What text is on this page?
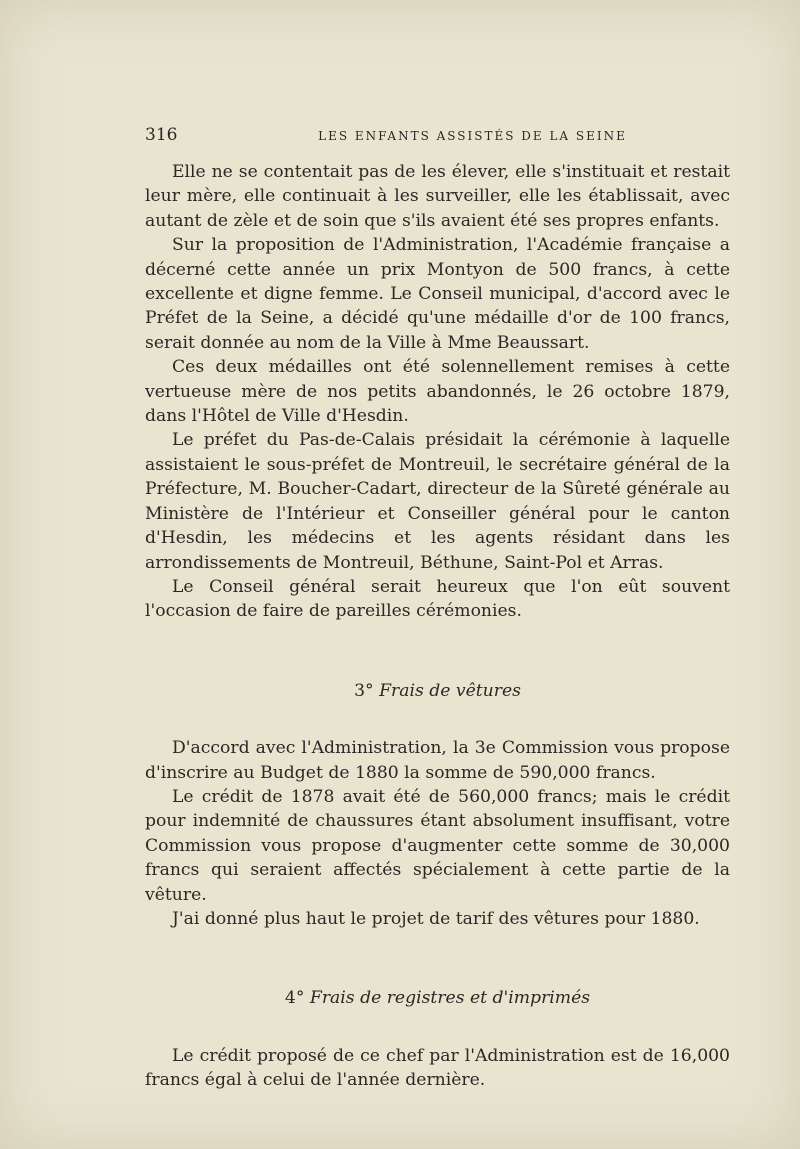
316	LES ENFANTS ASSISTÉS DE LA SEINE

Elle ne se contentait pas de les élever, elle s'instituait et restait leur mère, elle continuait à les surveiller, elle les établissait, avec autant de zèle et de soin que s'ils avaient été ses propres enfants.

Sur la proposition de l'Administration, l'Académie française a décerné cette année un prix Montyon de 500 francs, à cette excellente et digne femme. Le Conseil municipal, d'accord avec le Préfet de la Seine, a décidé qu'une médaille d'or de 100 francs, serait donnée au nom de la Ville à Mme Beaussart.

Ces deux médailles ont été solennellement remises à cette vertueuse mère de nos petits abandonnés, le 26 octobre 1879, dans l'Hôtel de Ville d'Hesdin.

Le préfet du Pas-de-Calais présidait la cérémonie à laquelle assistaient le sous-préfet de Montreuil, le secrétaire général de la Préfecture, M. Boucher-Cadart, directeur de la Sûreté générale au Ministère de l'Intérieur et Conseiller général pour le canton d'Hesdin, les médecins et les agents résidant dans les arrondissements de Montreuil, Béthune, Saint-Pol et Arras.

Le Conseil général serait heureux que l'on eût souvent l'occasion de faire de pareilles cérémonies.

3° Frais de vêtures

D'accord avec l'Administration, la 3e Commission vous propose d'inscrire au Budget de 1880 la somme de 590,000 francs.

Le crédit de 1878 avait été de 560,000 francs; mais le crédit pour indemnité de chaussures étant absolument insuffisant, votre Commission vous propose d'augmenter cette somme de 30,000 francs qui seraient affectés spécialement à cette partie de la vêture.

J'ai donné plus haut le projet de tarif des vêtures pour 1880.

4° Frais de registres et d'imprimés

Le crédit proposé de ce chef par l'Administration est de 16,000 francs égal à celui de l'année dernière.
